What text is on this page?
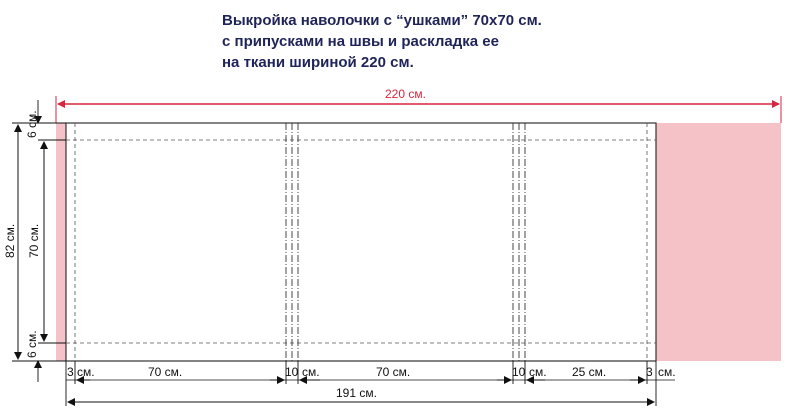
Выкройка наволочки с “ушками” 70х70 см.
с припусками на швы и раскладка ее
на ткани шириной 220 см.
220 см.
82 см. 70 см.
6 см.
6 см.
3 см.	70 см.	10 см.	70 см.	10 см. 25 см.	3 см.
191 см.
